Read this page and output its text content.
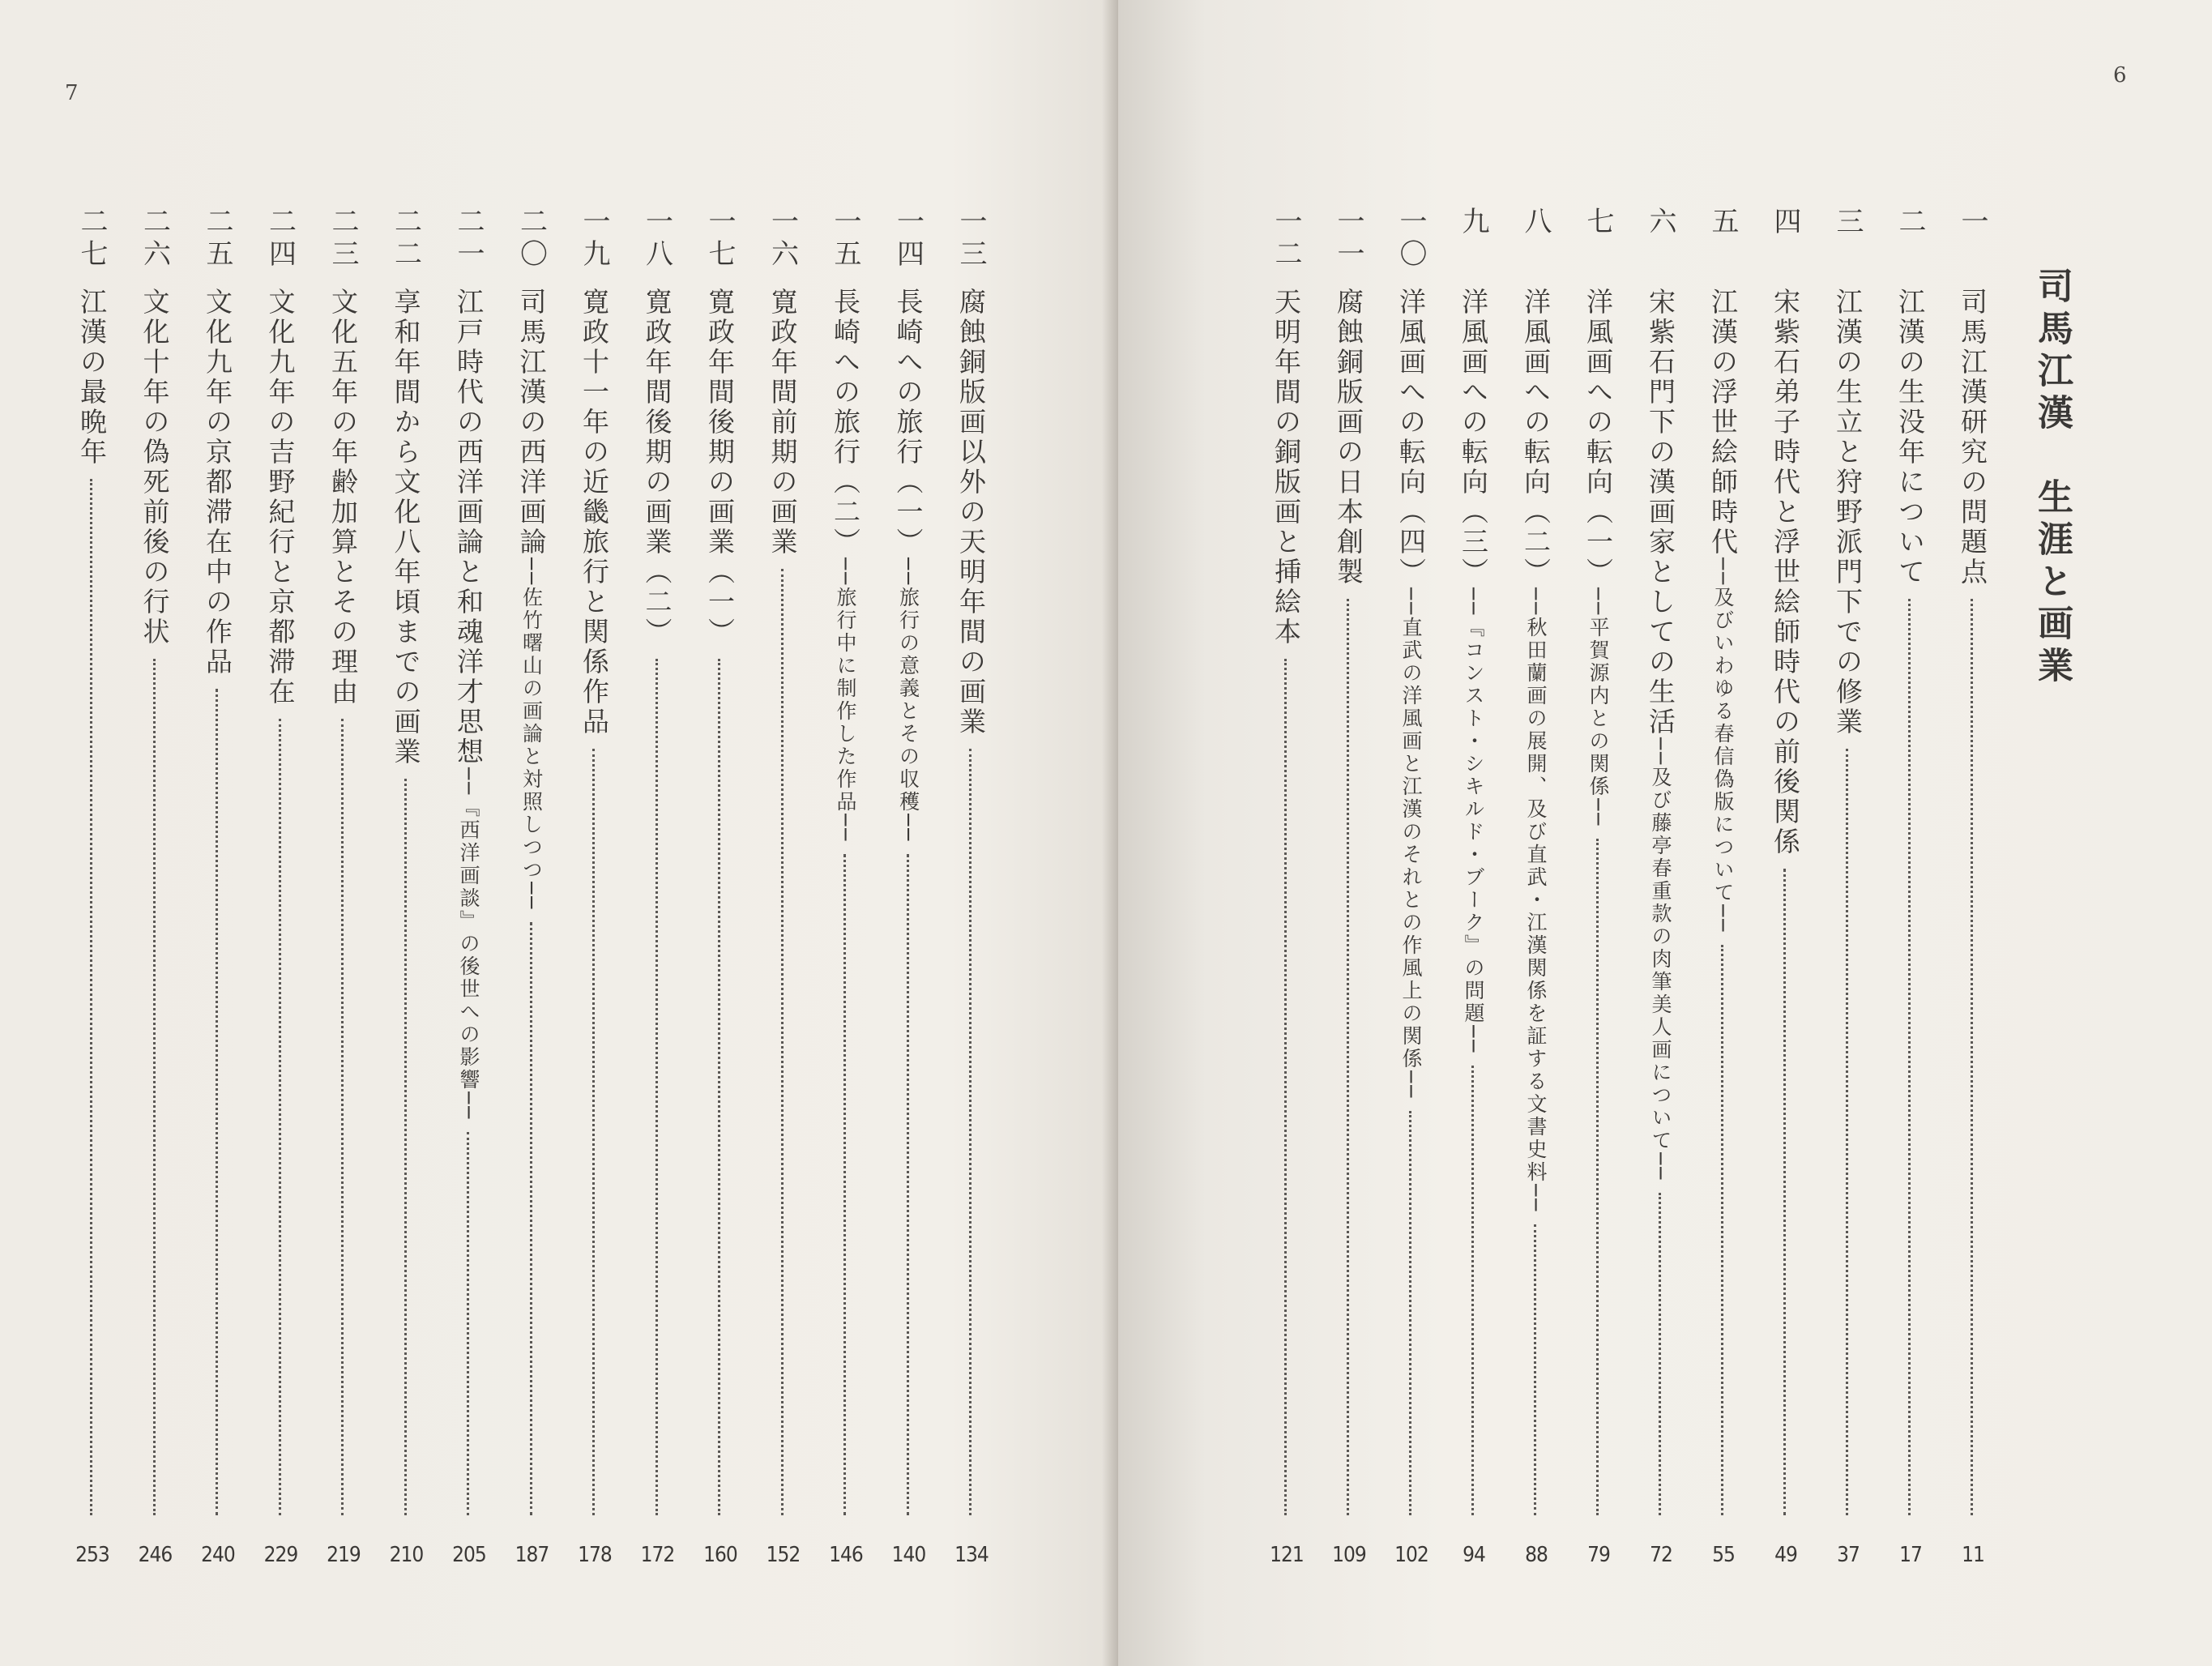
7
一三
腐蝕銅版画以外の天明年間の画業
134
一四
長崎への旅行（一）──旅行の意義とその収穫──
140
一五
長崎への旅行（二）──旅行中に制作した作品──
146
一六
寛政年間前期の画業
152
一七
寛政年間後期の画業（一）
160
一八
寛政年間後期の画業（二）
172
一九
寛政十一年の近畿旅行と関係作品
178
二〇
司馬江漢の西洋画論──佐竹曙山の画論と対照しつつ──
187
二一
江戸時代の西洋画論と和魂洋才思想──『西洋画談』の後世への影響──
205
二二
享和年間から文化八年頃までの画業
210
二三
文化五年の年齢加算とその理由
219
二四
文化九年の吉野紀行と京都滞在
229
二五
文化九年の京都滞在中の作品
240
二六
文化十年の偽死前後の行状
246
二七
江漢の最晩年
253
6
司馬江漢　生涯と画業
一
司馬江漢研究の問題点
11
二
江漢の生没年について
17
三
江漢の生立と狩野派門下での修業
37
四
宋紫石弟子時代と浮世絵師時代の前後関係
49
五
江漢の浮世絵師時代──及びいわゆる春信偽版について──
55
六
宋紫石門下の漢画家としての生活──及び藤亭春重款の肉筆美人画について──
72
七
洋風画への転向（一）──平賀源内との関係──
79
八
洋風画への転向（二）──秋田蘭画の展開、及び直武・江漢関係を証する文書史料──
88
九
洋風画への転向（三）──『コンスト・シキルド・ブーク』の問題──
94
一〇
洋風画への転向（四）──直武の洋風画と江漢のそれとの作風上の関係──
102
一一
腐蝕銅版画の日本創製
109
一二
天明年間の銅版画と挿絵本
121
